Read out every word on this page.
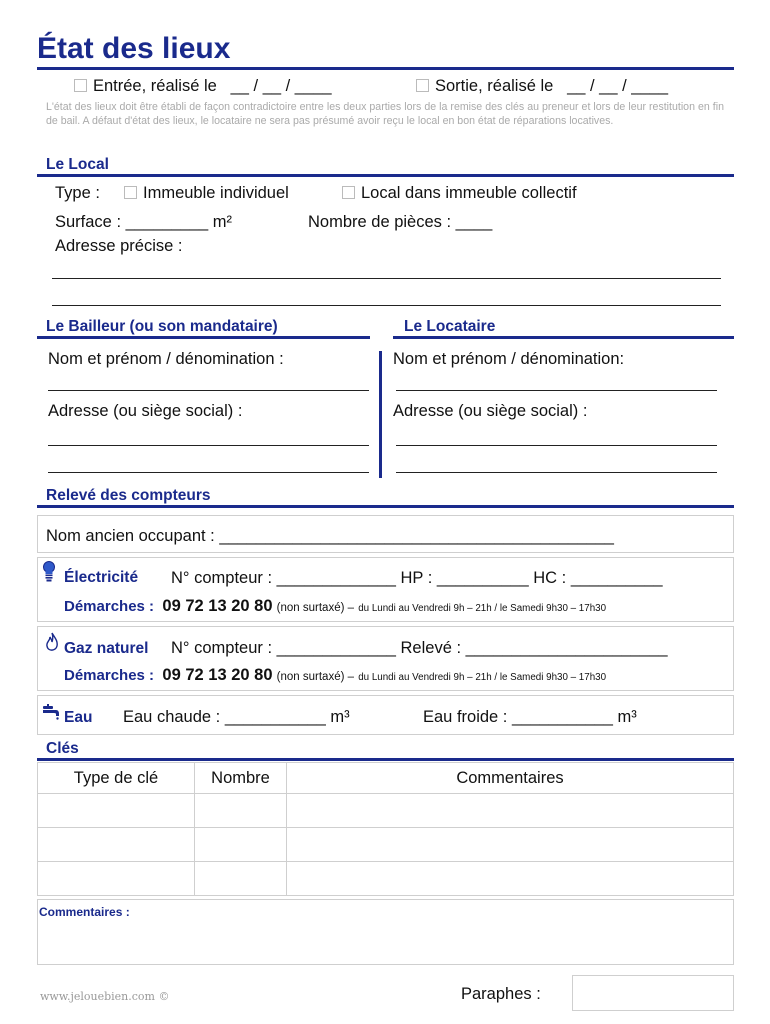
État des lieux
Entrée, réalisé le __ / __ / ____	Sortie, réalisé le __ / __ / ____
L'état des lieux doit être établi de façon contradictoire entre les deux parties lors de la remise des clés au preneur et lors de leur restitution en fin de bail. A défaut d'état des lieux, le locataire ne sera pas présumé avoir reçu le local en bon état de réparations locatives.
Le Local
Type :	Immeuble individuel	Local dans immeuble collectif
Surface : _________ m²	Nombre de pièces : ____
Adresse précise :
Le Bailleur (ou son mandataire)	Le Locataire
Nom et prénom / dénomination :
Adresse (ou siège social) :
Nom et prénom / dénomination:
Adresse (ou siège social) :
Relevé des compteurs
Nom ancien occupant : ___________________________________________
Électricité N° compteur : _____________ HP : __________ HC : __________
Démarches : 09 72 13 20 80 (non surtaxé) – du Lundi au Vendredi 9h – 21h / le Samedi 9h30 – 17h30
Gaz naturel N° compteur : _____________ Relevé : ______________________
Démarches : 09 72 13 20 80 (non surtaxé) – du Lundi au Vendredi 9h – 21h / le Samedi 9h30 – 17h30
Eau Eau chaude : ___________ m³	Eau froide : ___________ m³
Clés
Type de clé	Nombre	Commentaires

Commentaires :
www.jelouebien.com ©	Paraphes :
